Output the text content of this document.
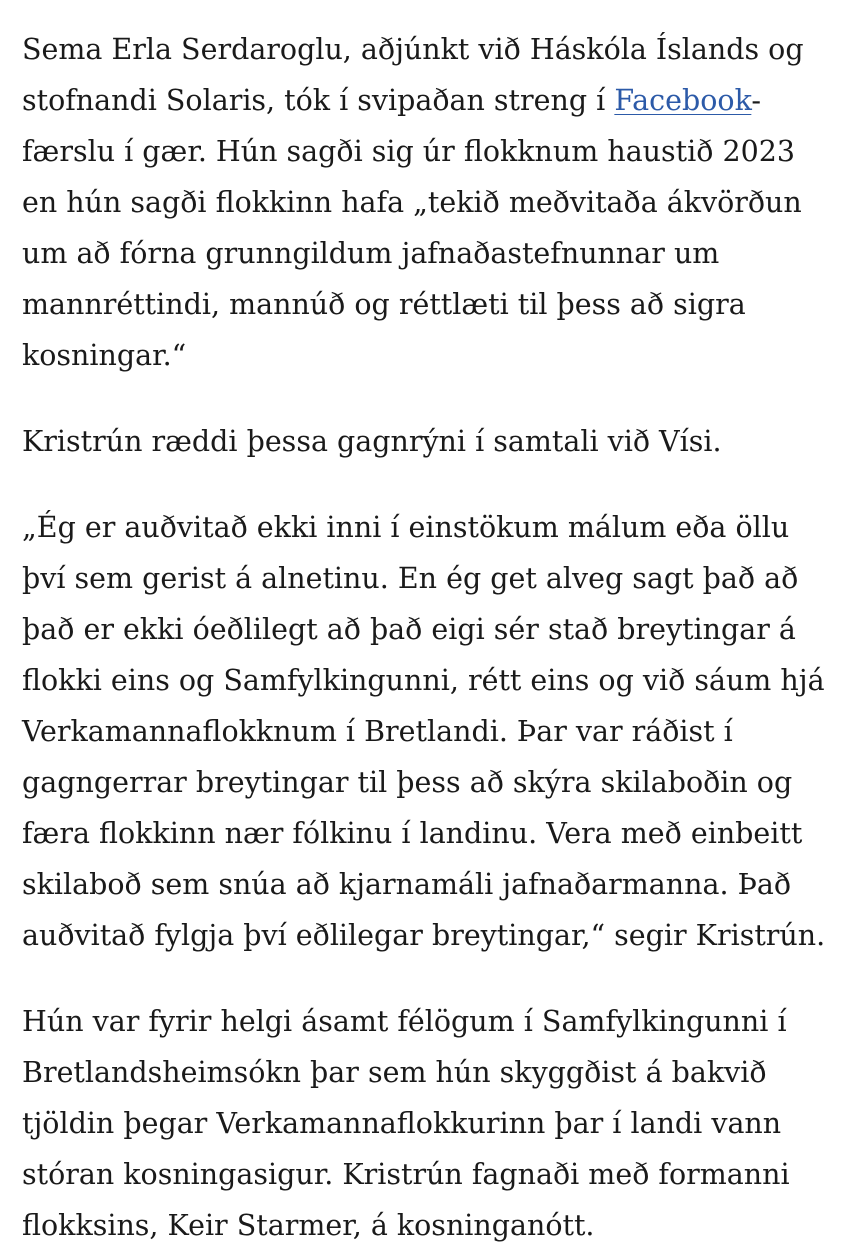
Sema Erla Serdaroglu, aðjúnkt við Háskóla Íslands og stofnandi Solaris, tók í svipaðan streng í Facebook-færslu í gær. Hún sagði sig úr flokknum haustið 2023 en hún sagði flokkinn hafa „tekið meðvitaða ákvörðun um að fórna grunngildum jafnaðastefnunnar um mannréttindi, mannúð og réttlæti til þess að sigra kosningar.“

Kristrún ræddi þessa gagnrýni í samtali við Vísi.

„Ég er auðvitað ekki inni í einstökum málum eða öllu því sem gerist á alnetinu. En ég get alveg sagt það að það er ekki óeðlilegt að það eigi sér stað breytingar á flokki eins og Samfylkingunni, rétt eins og við sáum hjá Verkamannaflokknum í Bretlandi. Þar var ráðist í gagngerrar breytingar til þess að skýra skilaboðin og færa flokkinn nær fólkinu í landinu. Vera með einbeitt skilaboð sem snúa að kjarnamáli jafnaðarmanna. Það auðvitað fylgja því eðlilegar breytingar,“ segir Kristrún.

Hún var fyrir helgi ásamt félögum í Samfylkingunni í Bretlandsheimsókn þar sem hún skyggðist á bakvið tjöldin þegar Verkamannaflokkurinn þar í landi vann stóran kosningasigur. Kristrún fagnaði með formanni flokksins, Keir Starmer, á kosninganótt.
